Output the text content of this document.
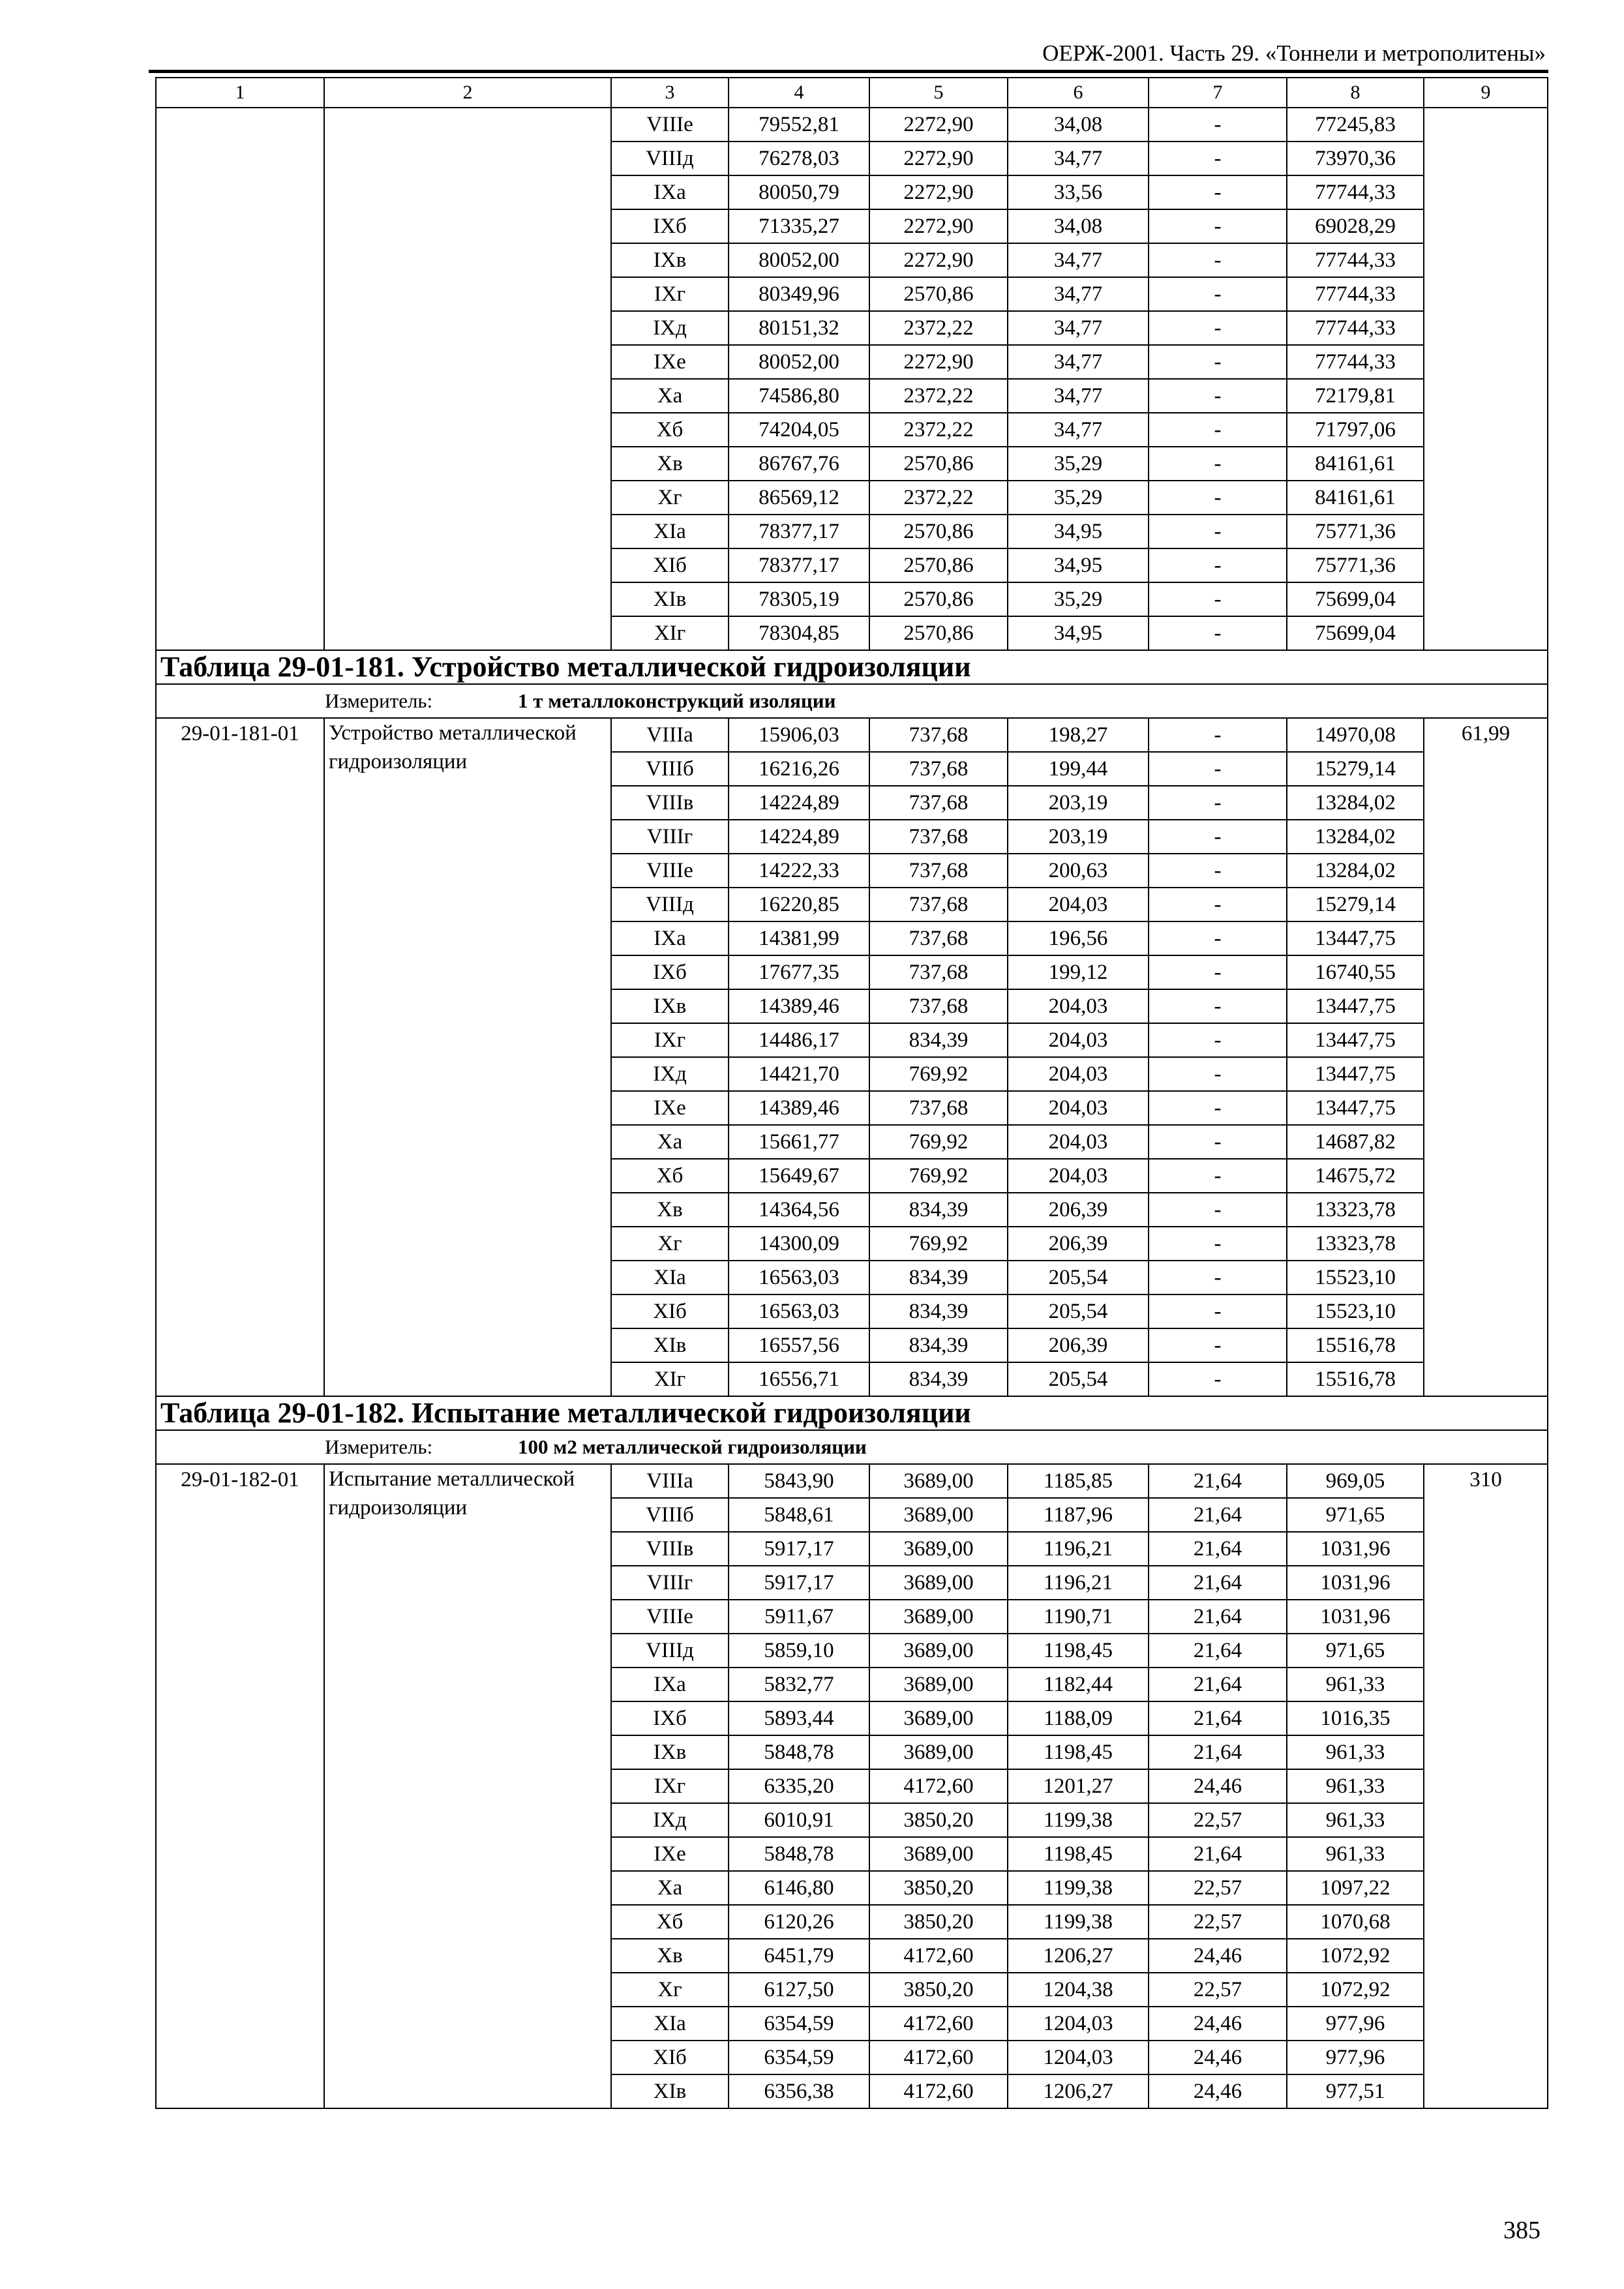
ОЕРЖ-2001. Часть 29. «Тоннели и метрополитены»
1	2	3	4	5	6	7	8	9
		VIIIе	79552,81	2272,90	34,08	-	77245,83	
		VIIIд	76278,03	2272,90	34,77	-	73970,36	
		IXа	80050,79	2272,90	33,56	-	77744,33	
		IXб	71335,27	2272,90	34,08	-	69028,29	
		IXв	80052,00	2272,90	34,77	-	77744,33	
		IXг	80349,96	2570,86	34,77	-	77744,33	
		IXд	80151,32	2372,22	34,77	-	77744,33	
		IXе	80052,00	2272,90	34,77	-	77744,33	
		Xа	74586,80	2372,22	34,77	-	72179,81	
		Xб	74204,05	2372,22	34,77	-	71797,06	
		Xв	86767,76	2570,86	35,29	-	84161,61	
		Xг	86569,12	2372,22	35,29	-	84161,61	
		XIа	78377,17	2570,86	34,95	-	75771,36	
		XIб	78377,17	2570,86	34,95	-	75771,36	
		XIв	78305,19	2570,86	35,29	-	75699,04	
		XIг	78304,85	2570,86	34,95	-	75699,04	
Таблица 29-01-181. Устройство металлической гидроизоляции								
Измеритель: 1 т металлоконструкций изоляции								
29-01-181-01	Устройство металлической гидроизоляции	VIIIа	15906,03	737,68	198,27	-	14970,08	61,99
		VIIIб	16216,26	737,68	199,44	-	15279,14	
		VIIIв	14224,89	737,68	203,19	-	13284,02	
		VIIIг	14224,89	737,68	203,19	-	13284,02	
		VIIIе	14222,33	737,68	200,63	-	13284,02	
		VIIIд	16220,85	737,68	204,03	-	15279,14	
		IXа	14381,99	737,68	196,56	-	13447,75	
		IXб	17677,35	737,68	199,12	-	16740,55	
		IXв	14389,46	737,68	204,03	-	13447,75	
		IXг	14486,17	834,39	204,03	-	13447,75	
		IXд	14421,70	769,92	204,03	-	13447,75	
		IXе	14389,46	737,68	204,03	-	13447,75	
		Xа	15661,77	769,92	204,03	-	14687,82	
		Xб	15649,67	769,92	204,03	-	14675,72	
		Xв	14364,56	834,39	206,39	-	13323,78	
		Xг	14300,09	769,92	206,39	-	13323,78	
		XIа	16563,03	834,39	205,54	-	15523,10	
		XIб	16563,03	834,39	205,54	-	15523,10	
		XIв	16557,56	834,39	206,39	-	15516,78	
		XIг	16556,71	834,39	205,54	-	15516,78	
Таблица 29-01-182. Испытание металлической гидроизоляции								
Измеритель: 100 м2 металлической гидроизоляции								
29-01-182-01	Испытание металлической гидроизоляции	VIIIа	5843,90	3689,00	1185,85	21,64	969,05	310
		VIIIб	5848,61	3689,00	1187,96	21,64	971,65	
		VIIIв	5917,17	3689,00	1196,21	21,64	1031,96	
		VIIIг	5917,17	3689,00	1196,21	21,64	1031,96	
		VIIIе	5911,67	3689,00	1190,71	21,64	1031,96	
		VIIIд	5859,10	3689,00	1198,45	21,64	971,65	
		IXа	5832,77	3689,00	1182,44	21,64	961,33	
		IXб	5893,44	3689,00	1188,09	21,64	1016,35	
		IXв	5848,78	3689,00	1198,45	21,64	961,33	
		IXг	6335,20	4172,60	1201,27	24,46	961,33	
		IXд	6010,91	3850,20	1199,38	22,57	961,33	
		IXе	5848,78	3689,00	1198,45	21,64	961,33	
		Xа	6146,80	3850,20	1199,38	22,57	1097,22	
		Xб	6120,26	3850,20	1199,38	22,57	1070,68	
		Xв	6451,79	4172,60	1206,27	24,46	1072,92	
		Xг	6127,50	3850,20	1204,38	22,57	1072,92	
		XIа	6354,59	4172,60	1204,03	24,46	977,96	
		XIб	6354,59	4172,60	1204,03	24,46	977,96	
		XIв	6356,38	4172,60	1206,27	24,46	977,51	
385
